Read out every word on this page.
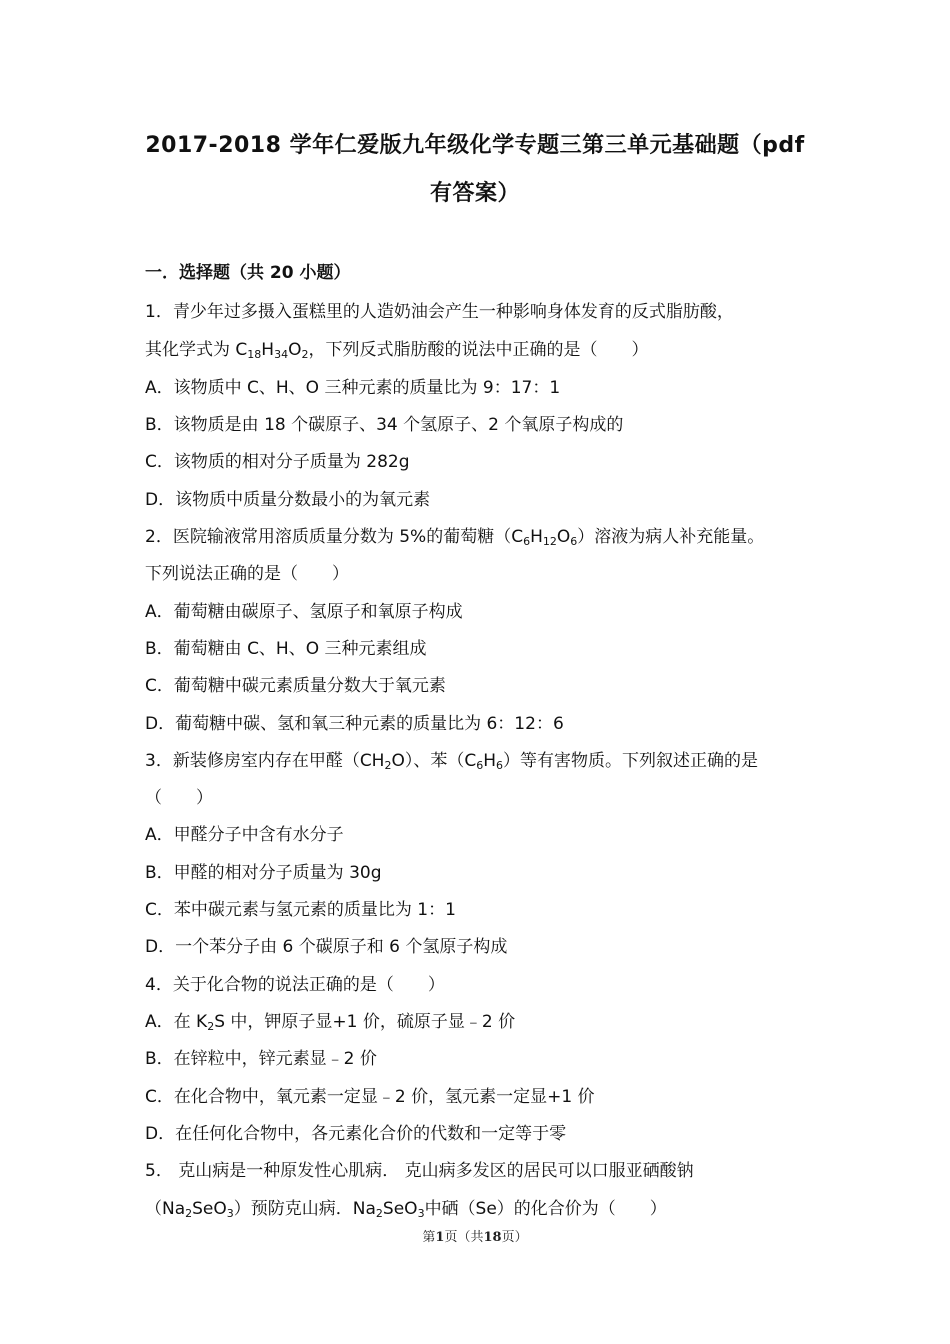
2017-2018 学年仁爱版九年级化学专题三第三单元基础题（pdf
有答案）
一．选择题（共 20 小题）
1．青少年过多摄入蛋糕里的人造奶油会产生一种影响身体发育的反式脂肪酸，
其化学式为 $C_{18}H_{34}O_2$，下列反式脂肪酸的说法中正确的是（　　）
A．该物质中 C、H、O 三种元素的质量比为 9：17：1
B．该物质是由 18 个碳原子、34 个氢原子、2 个氧原子构成的
C．该物质的相对分子质量为 282g
D．该物质中质量分数最小的为氧元素
2．医院输液常用溶质质量分数为 5%的葡萄糖$(C_6H_{12}O_6)$溶液为病人补充能量。
下列说法正确的是（　　）
A．葡萄糖由碳原子、氢原子和氧原子构成
B．葡萄糖由 C、H、O 三种元素组成
C．葡萄糖中碳元素质量分数大于氧元素
D．葡萄糖中碳、氢和氧三种元素的质量比为 6：12：6
3．新装修房室内存在甲醛$(CH_2O)$、苯$(C_6H_6)$等有害物质。下列叙述正确的是
（　　）
A．甲醛分子中含有水分子
B．甲醛的相对分子质量为 30g
C．苯中碳元素与氢元素的质量比为 1：1
D．一个苯分子由 6 个碳原子和 6 个氢原子构成
4．关于化合物的说法正确的是（　　）
A．在 $K_2S$ 中，钾原子显+1 价，硫原子显﹣2 价
B．在锌粒中，锌元素显﹣2 价
C．在化合物中，氧元素一定显﹣2 价，氢元素一定显+1 价
D．在任何化合物中，各元素化合价的代数和一定等于零
5． 克山病是一种原发性心肌病． 克山病多发区的居民可以口服亚硒酸钠
$(Na_2SeO_3)$预防克山病．$Na_2SeO_3$中硒（Se）的化合价为（　　）
第1页（共18页）
